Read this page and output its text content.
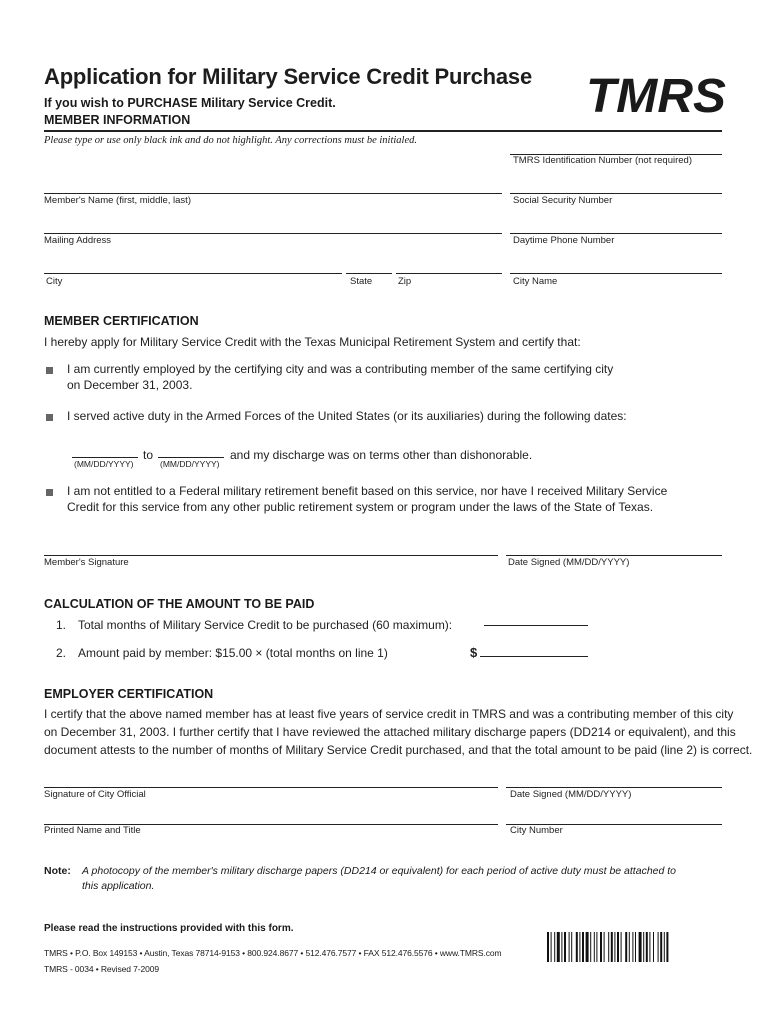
Application for Military Service Credit Purchase
If you wish to PURCHASE Military Service Credit.	TMRS
MEMBER INFORMATION
Please type or use only black ink and do not highlight. Any corrections must be initialed.
TMRS Identification Number (not required)
Member's Name (first, middle, last)	Social Security Number
Mailing Address	Daytime Phone Number
City	State	Zip	City Name
MEMBER CERTIFICATION
I hereby apply for Military Service Credit with the Texas Municipal Retirement System and certify that:
I am currently employed by the certifying city and was a contributing member of the same certifying city
on December 31, 2003.
I served active duty in the Armed Forces of the United States (or its auxiliaries) during the following dates:
(MM/DD/YYYY)
to
(MM/DD/YYYY)
and my discharge was on terms other than dishonorable.
I am not entitled to a Federal military retirement benefit based on this service, nor have I received Military Service
Credit for this service from any other public retirement system or program under the laws of the State of Texas.
Member's Signature	Date Signed (MM/DD/YYYY)
CALCULATION OF THE AMOUNT TO BE PAID
1. Total months of Military Service Credit to be purchased (60 maximum):
2. Amount paid by member: $15.00 × (total months on line 1)	$
EMPLOYER CERTIFICATION
I certify that the above named member has at least five years of service credit in TMRS and was a contributing member of this city
on December 31, 2003. I further certify that I have reviewed the attached military discharge papers (DD214 or equivalent), and this
document attests to the number of months of Military Service Credit purchased, and that the total amount to be paid (line 2) is correct.
Signature of City Official	Date Signed (MM/DD/YYYY)
Printed Name and Title	City Number
Note: A photocopy of the member's military discharge papers (DD214 or equivalent) for each period of active duty must be attached to
this application.
Please read the instructions provided with this form.
TMRS • P.O. Box 149153 • Austin, Texas 78714-9153 • 800.924.8677 • 512.476.7577 • FAX 512.476.5576 • www.TMRS.com
TMRS - 0034 • Revised 7-2009
